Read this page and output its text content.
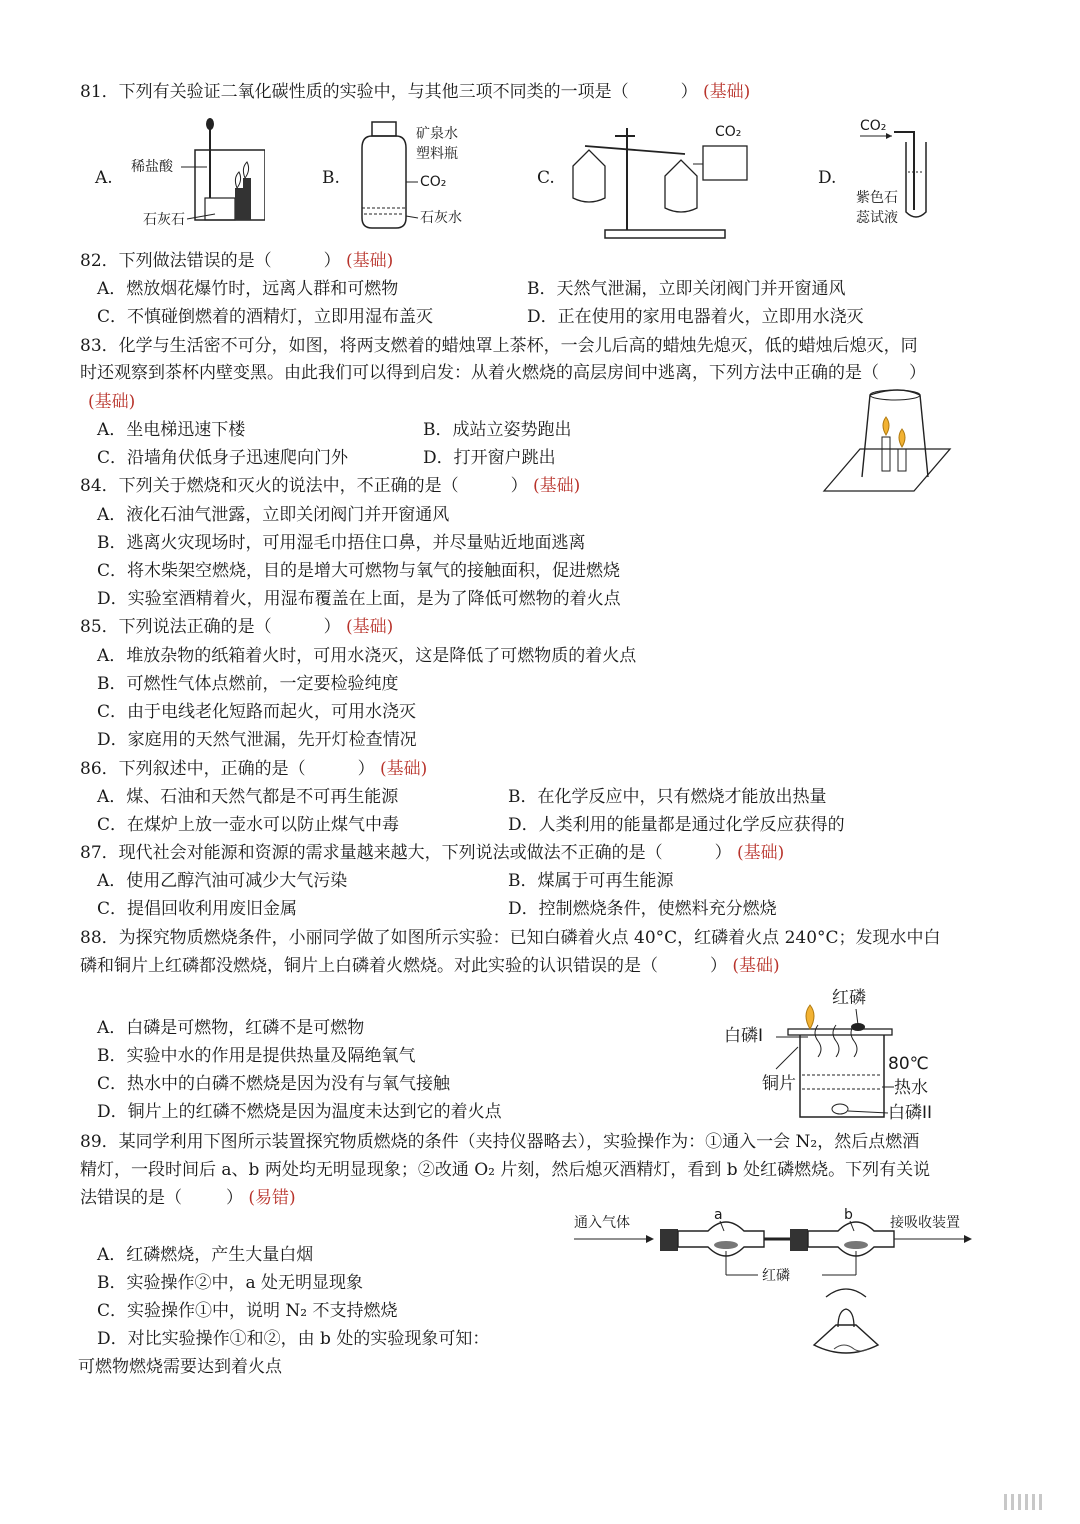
81．下列有关验证二氧化碳性质的实验中，与其他三项不同类的一项是（	） (基础)
A.	B.	C.	D.
稀盐酸
石灰石
矿泉水
塑料瓶
CO₂
石灰水
CO₂	CO₂
紫色石
蕊试液
82．下列做法错误的是（	） (基础)
A．燃放烟花爆竹时，远离人群和可燃物	B．天然气泄漏，立即关闭阀门并开窗通风
C．不慎碰倒燃着的酒精灯，立即用湿布盖灭	D．正在使用的家用电器着火，立即用水浇灭
83．化学与生活密不可分，如图，将两支燃着的蜡烛罩上茶杯，一会儿后高的蜡烛先熄灭，低的蜡烛后熄灭，同
时还观察到茶杯内壁变黑。由此我们可以得到启发：从着火燃烧的高层房间中逃离，下列方法中正确的是（ ）
(基础)
A．坐电梯迅速下楼	B．成站立姿势跑出
C．沿墙角伏低身子迅速爬向门外	D．打开窗户跳出
84．下列关于燃烧和灭火的说法中，不正确的是（	） (基础)
A．液化石油气泄露，立即关闭阀门并开窗通风
B．逃离火灾现场时，可用湿毛巾捂住口鼻，并尽量贴近地面逃离
C．将木柴架空燃烧，目的是增大可燃物与氧气的接触面积，促进燃烧
D．实验室酒精着火，用湿布覆盖在上面，是为了降低可燃物的着火点
85．下列说法正确的是（	） (基础)
A．堆放杂物的纸箱着火时，可用水浇灭，这是降低了可燃物质的着火点
B．可燃性气体点燃前，一定要检验纯度
C．由于电线老化短路而起火，可用水浇灭
D．家庭用的天然气泄漏，先开灯检查情况
86．下列叙述中，正确的是（	） (基础)
A．煤、石油和天然气都是不可再生能源	B．在化学反应中，只有燃烧才能放出热量
C．在煤炉上放一壶水可以防止煤气中毒	D．人类利用的能量都是通过化学反应获得的
87．现代社会对能源和资源的需求量越来越大，下列说法或做法不正确的是（	） (基础)
A．使用乙醇汽油可减少大气污染	B．煤属于可再生能源
C．提倡回收利用废旧金属	D．控制燃烧条件，使燃料充分燃烧
88．为探究物质燃烧条件，小丽同学做了如图所示实验：已知白磷着火点 40°C，红磷着火点 240°C；发现水中白
磷和铜片上红磷都没燃烧，铜片上白磷着火燃烧。对此实验的认识错误的是（	） (基础)
A．白磷是可燃物，红磷不是可燃物
B．实验中水的作用是提供热量及隔绝氧气
C．热水中的白磷不燃烧是因为没有与氧气接触
D．铜片上的红磷不燃烧是因为温度未达到它的着火点
红磷
白磷I
铜片
80℃
热水
白磷II
89．某同学利用下图所示装置探究物质燃烧的条件（夹持仪器略去），实验操作为：①通入一会 N₂，然后点燃酒
精灯，一段时间后 a、b 两处均无明显现象；②改通 O₂ 片刻，然后熄灭酒精灯，看到 b 处红磷燃烧。下列有关说
法错误的是（	） (易错)
A．红磷燃烧，产生大量白烟
B．实验操作②中，a 处无明显现象
C．实验操作①中，说明 N₂ 不支持燃烧
D．对比实验操作①和②，由 b 处的实验现象可知：
可燃物燃烧需要达到着火点
通入气体	a	b	接吸收装置
红磷
